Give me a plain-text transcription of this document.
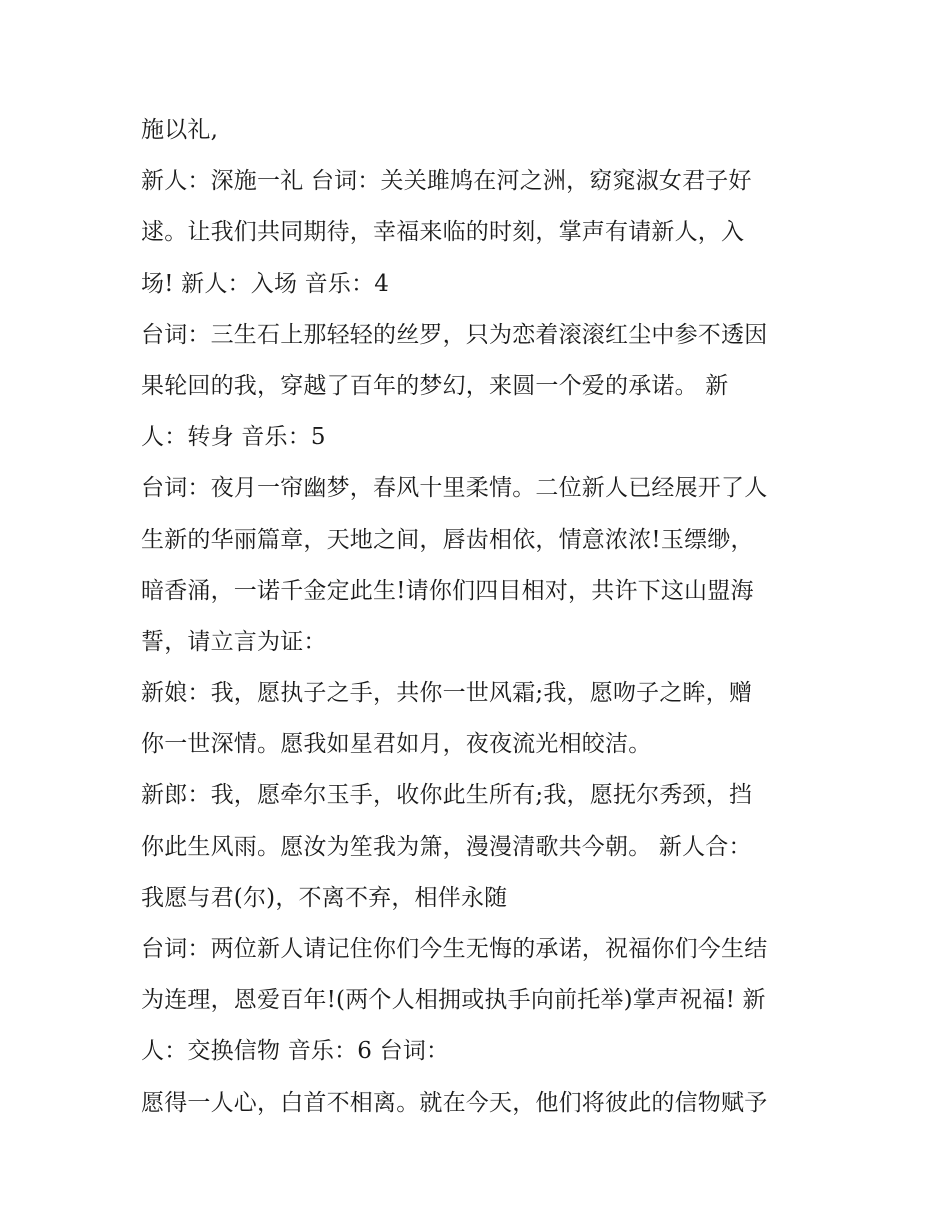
施以礼,
新人：深施一礼 台词：关关雎鸠在河之洲，窈窕淑女君子好
逑。让我们共同期待，幸福来临的时刻，掌声有请新人，入
场! 新人：入场 音乐：4
台词：三生石上那轻轻的丝罗，只为恋着滚滚红尘中参不透因
果轮回的我，穿越了百年的梦幻，来圆一个爱的承诺。 新
人：转身 音乐：5
台词：夜月一帘幽梦，春风十里柔情。二位新人已经展开了人
生新的华丽篇章，天地之间，唇齿相依，情意浓浓!玉缥缈，
暗香涌，一诺千金定此生!请你们四目相对，共许下这山盟海
誓，请立言为证：
新娘：我，愿执子之手，共你一世风霜;我，愿吻子之眸，赠
你一世深情。愿我如星君如月，夜夜流光相皎洁。
新郎：我，愿牵尔玉手，收你此生所有;我，愿抚尔秀颈，挡
你此生风雨。愿汝为笙我为箫，漫漫清歌共今朝。 新人合：
我愿与君(尔)，不离不弃，相伴永随
台词：两位新人请记住你们今生无悔的承诺，祝福你们今生结
为连理，恩爱百年!(两个人相拥或执手向前托举)掌声祝福! 新
人：交换信物 音乐：6 台词：
愿得一人心，白首不相离。就在今天，他们将彼此的信物赋予
